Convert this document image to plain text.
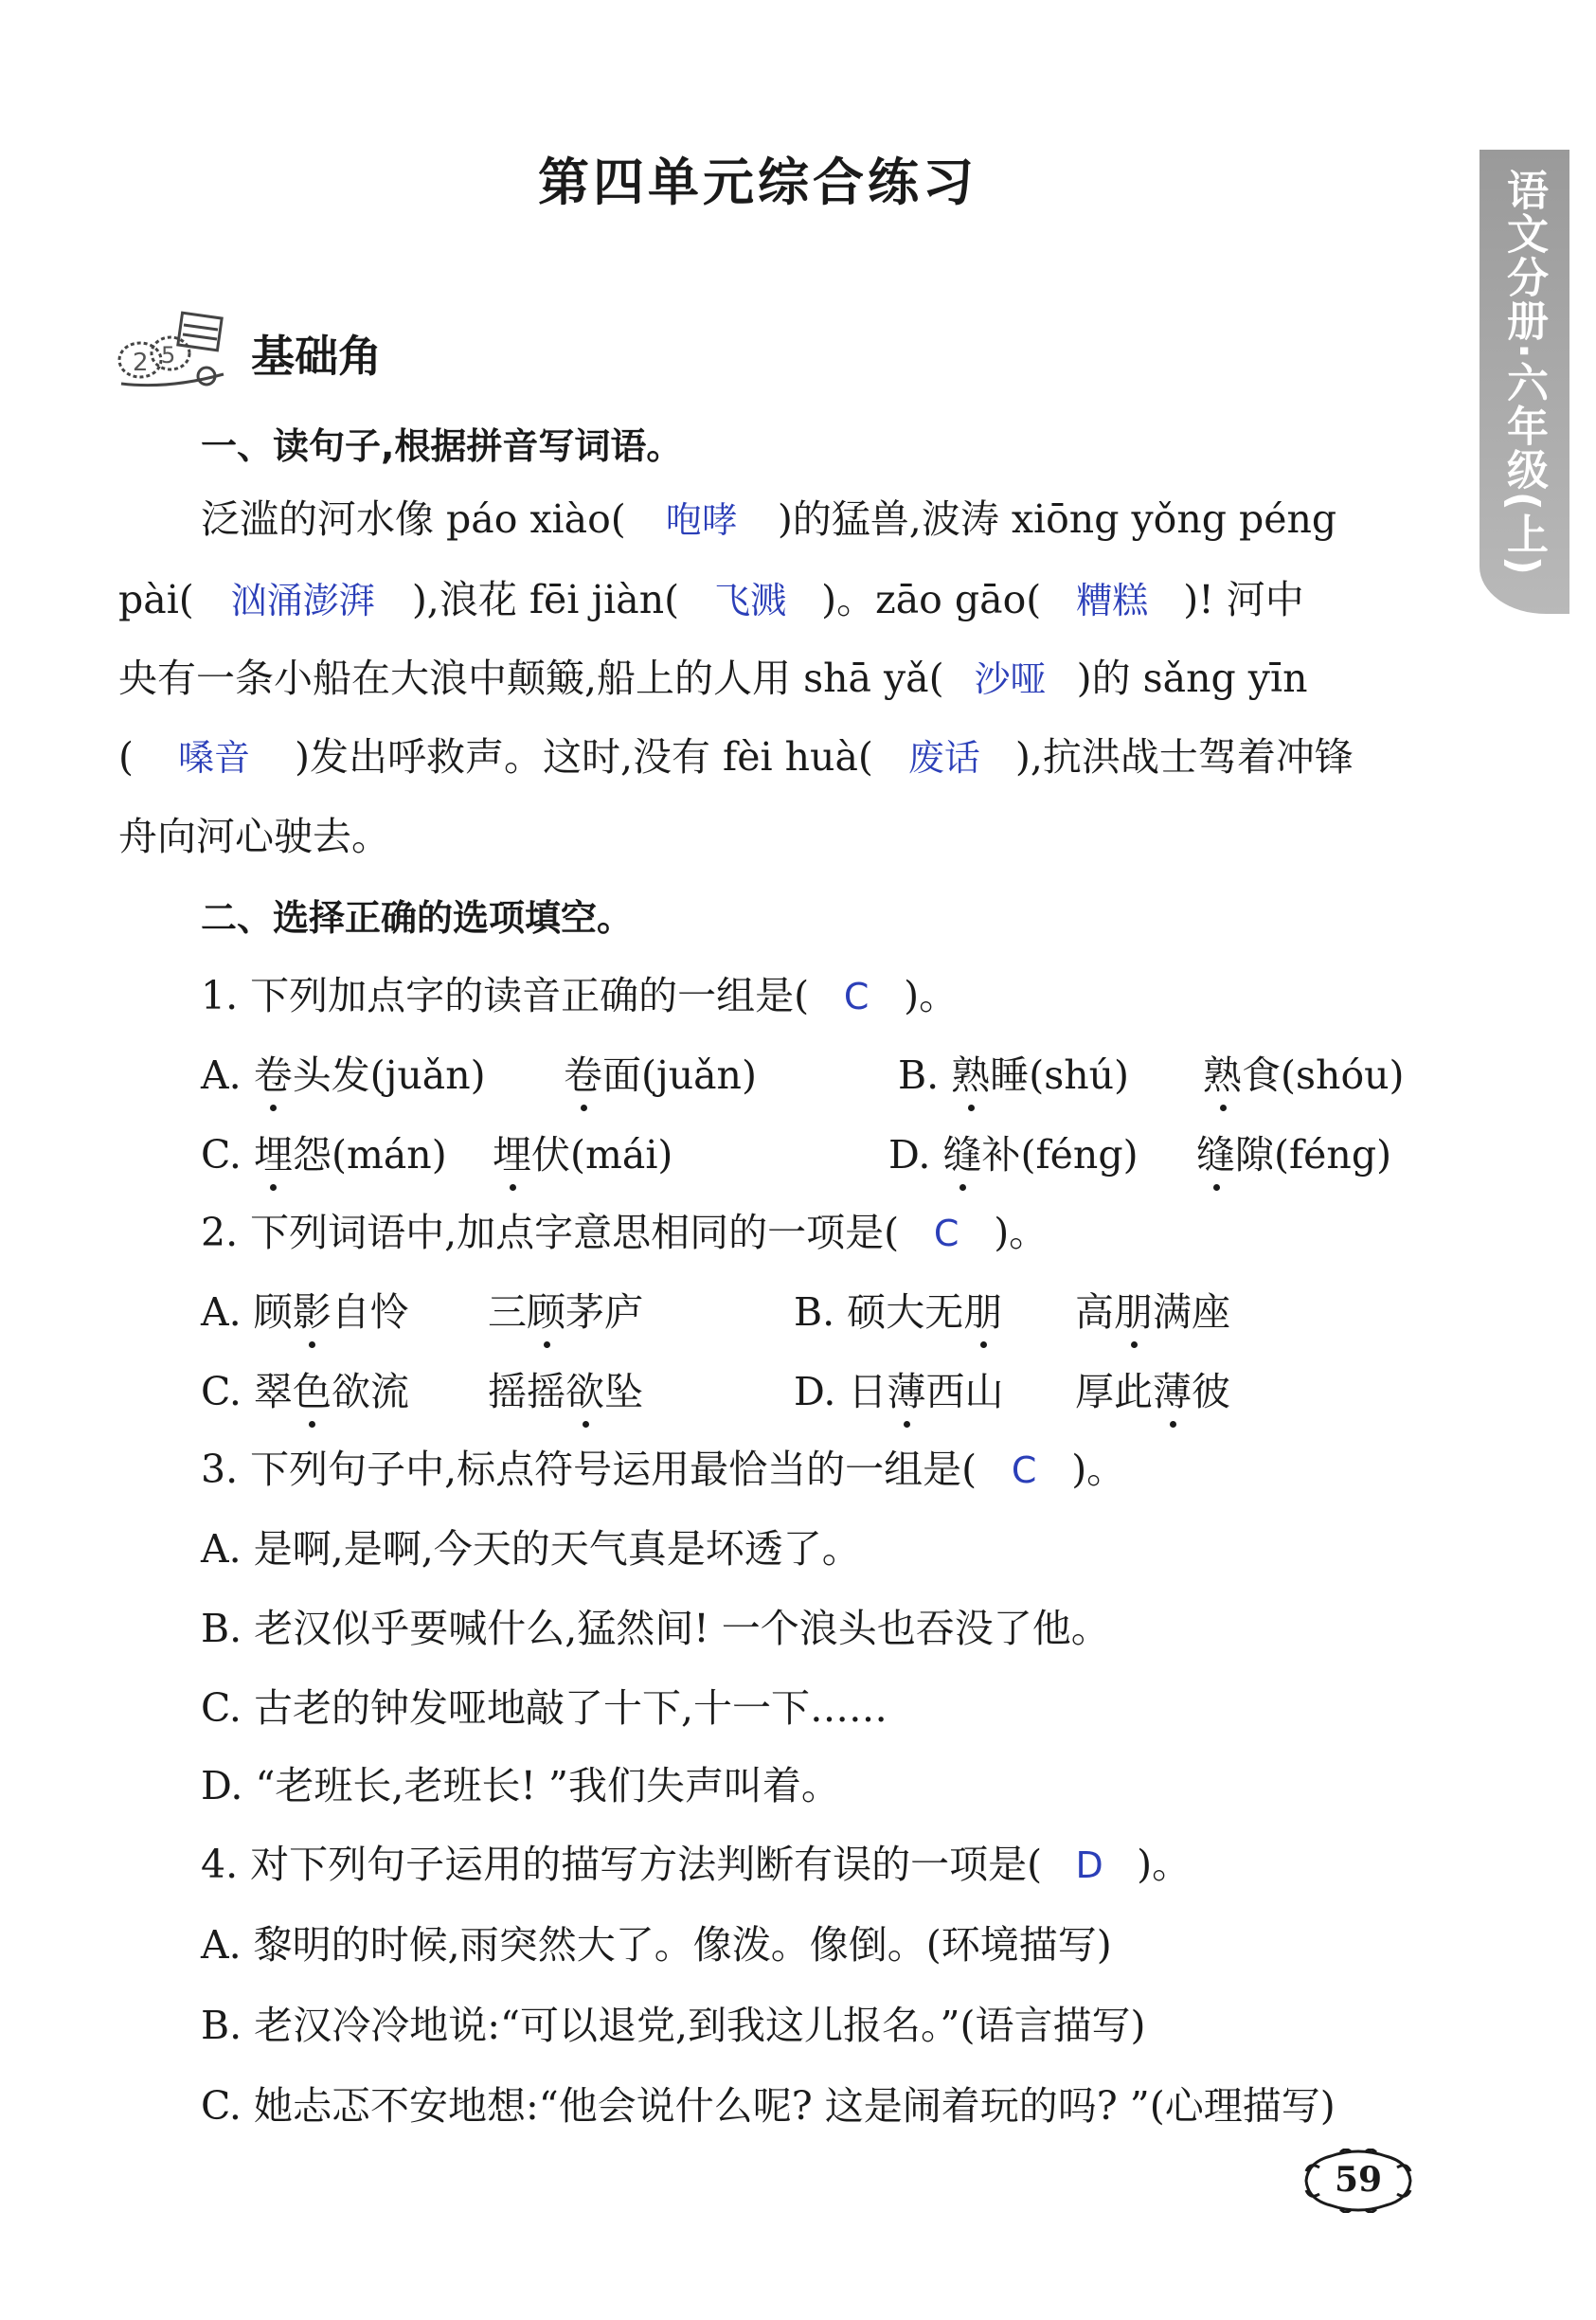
第四单元综合练习	语文分册·六年级(上)
2 5 基础角
一、读句子,根据拼音写词语。
泛滥的河水像 páo xiào( 咆哮 )的猛兽,波涛 xiōng yǒng péng
pài( 汹涌澎湃 ),浪花 fēi jiàn( 飞溅 )。zāo gāo( 糟糕 )! 河中
央有一条小船在大浪中颠簸,船上的人用 shā yǎ( 沙哑 )的 sǎng yīn
( 嗓音 )发出呼救声。这时,没有 fèi huà( 废话 ),抗洪战士驾着冲锋
舟向河心驶去。
二、选择正确的选项填空。
1. 下列加点字的读音正确的一组是( C )。
A. 卷头发(juǎn) 卷面(juǎn)	B. 熟睡(shú) 熟食(shóu)
C. 埋怨(mán) 埋伏(mái)	D. 缝补(féng) 缝隙(féng)
2. 下列词语中,加点字意思相同的一项是( C )。
A. 顾影自怜 三顾茅庐	B. 硕大无朋 高朋满座
C. 翠色欲流 摇摇欲坠	D. 日薄西山 厚此薄彼
3. 下列句子中,标点符号运用最恰当的一组是( C )。
A. 是啊,是啊,今天的天气真是坏透了。
B. 老汉似乎要喊什么,猛然间! 一个浪头也吞没了他。
C. 古老的钟发哑地敲了十下,十一下……
D. “老班长,老班长! ”我们失声叫着。
4. 对下列句子运用的描写方法判断有误的一项是( D )。
A. 黎明的时候,雨突然大了。像泼。像倒。(环境描写)
B. 老汉冷冷地说:“可以退党,到我这儿报名。”(语言描写)
C. 她忐忑不安地想:“他会说什么呢? 这是闹着玩的吗? ”(心理描写)
59
